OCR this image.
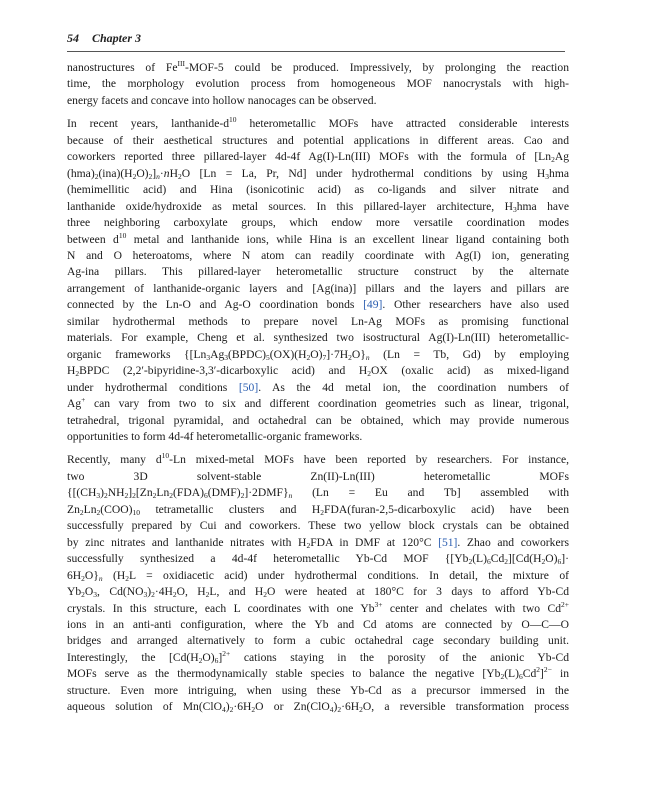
54 Chapter 3

nanostructures of $Fe^{III}-MOF-5$ could be produced. Impressively, by prolonging the reaction
time, the morphology evolution process from homogeneous MOF nanocrystals with high-
energy facets and concave into hollow nanocages can be observed.

In recent years, lanthanide-$d^{10}$ heterometallic MOFs have attracted considerable interests
because of their aesthetical structures and potential applications in different areas. Cao and
coworkers reported three pillared-layer 4d-4f Ag(I)-Ln(III) MOFs with the formula of [$Ln_2Ag$
$(hma)_2(ina)(H_2O)_2]_n\cdot nH_2O$ [Ln = La, Pr, Nd] under hydrothermal conditions by using $H_3hma$
(hemimellitic acid) and Hina (isonicotinic acid) as co-ligands and silver nitrate and
lanthanide oxide/hydroxide as metal sources. In this pillared-layer architecture, $H_3hma$ have
three neighboring carboxylate groups, which endow more versatile coordination modes
between $d^{10}$ metal and lanthanide ions, while Hina is an excellent linear ligand containing both
N and O heteroatoms, where N atom can readily coordinate with Ag(I) ion, generating
Ag-ina pillars. This pillared-layer heterometallic structure construct by the alternate
arrangement of lanthanide-organic layers and [Ag(ina)] pillars and the layers and pillars are
connected by the Ln-O and Ag-O coordination bonds [49]. Other researchers have also used
similar hydrothermal methods to prepare novel Ln-Ag MOFs as promising functional
materials. For example, Cheng et al. synthesized two isostructural Ag(I)-Ln(III) heterometallic-
organic frameworks $\{[Ln_3Ag_3(BPDC)_5(OX)(H_2O)_7]\cdot 7H_2O\}_n$ (Ln = Tb, Gd) by employing
$H_2BPDC$ (2,2′-bipyridine-3,3′-dicarboxylic acid) and $H_2OX$ (oxalic acid) as mixed-ligand
under hydrothermal conditions [50]. As the 4d metal ion, the coordination numbers of
Ag+ can vary from two to six and different coordination geometries such as linear, trigonal,
tetrahedral, trigonal pyramidal, and octahedral can be obtained, which may provide numerous
opportunities to form 4d-4f heterometallic-organic frameworks.

Recently, many $d^{10}-Ln$ mixed-metal MOFs have been reported by researchers. For instance,
two 3D solvent-stable Zn(II)-Ln(III) heterometallic MOFs
$\{[(CH_3)_2NH_2]_2[Zn_2Ln_2(FDA)_6(DMF)_2]\cdot 2DMF\}_n$ (Ln = Eu and Tb] assembled with
$Zn_2Ln_2(COO)_{10}$ tetrametallic clusters and $H_2FDA(furan-2,5$-dicarboxylic acid) have been
successfully prepared by Cui and coworkers. These two yellow block crystals can be obtained
by zinc nitrates and lanthanide nitrates with $H_2FDA$ in DMF at 120°C [51]. Zhao and coworkers
successfully synthesized a 4d-4f heterometallic Yb-Cd MOF {$[Yb_2(L)_6Cd_2][Cd(H_2O)_6]\cdot$
$6H_2O\}_n$ ($H_2L$ = oxidiacetic acid) under hydrothermal conditions. In detail, the mixture of
$Yb_2O_3$, $Cd(NO_3)_2\cdot 4H_2O$, $H_2L$, and $H_2O$ were heated at 180°C for 3 days to afford Yb-Cd
crystals. In this structure, each L coordinates with one $Yb^{3+}$ center and chelates with two $Cd^{2+}$
ions in an anti-anti configuration, where the Yb and Cd atoms are connected by O—C—O
bridges and arranged alternatively to form a cubic octahedral cage secondary building unit.
Interestingly, the $[Cd(H_2O)_6]^{2+}$ cations staying in the porosity of the anionic Yb-Cd
MOFs serve as the thermodynamically stable species to balance the negative $[Yb_2(L)_6Cd^2]^{2-}$ in
structure. Even more intriguing, when using these Yb-Cd as a precursor immersed in the
aqueous solution of $Mn(ClO_4)_2\cdot 6H_2O$ or $Zn(ClO_4)_2\cdot 6H_2O$, a reversible transformation process
